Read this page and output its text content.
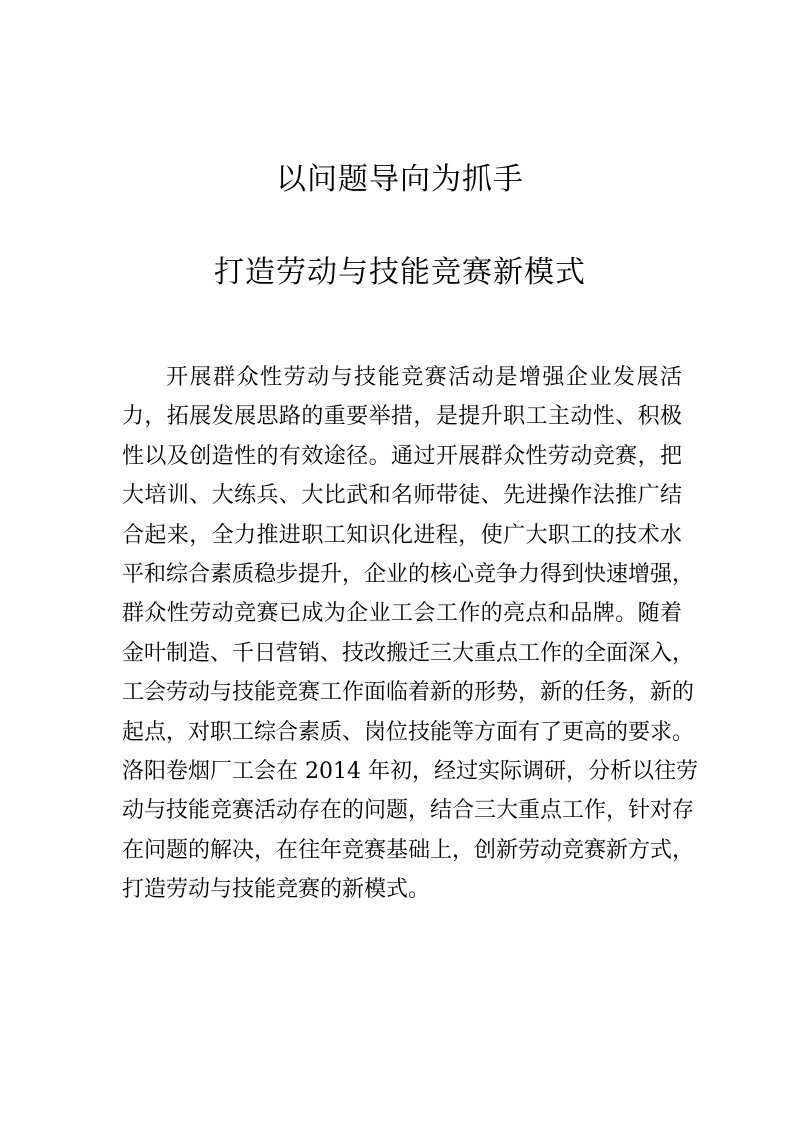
以问题导向为抓手
打造劳动与技能竞赛新模式
开展群众性劳动与技能竞赛活动是增强企业发展活
力，拓展发展思路的重要举措，是提升职工主动性、积极
性以及创造性的有效途径。通过开展群众性劳动竞赛，把
大培训、大练兵、大比武和名师带徒、先进操作法推广结
合起来，全力推进职工知识化进程，使广大职工的技术水
平和综合素质稳步提升，企业的核心竞争力得到快速增强，
群众性劳动竞赛已成为企业工会工作的亮点和品牌。随着
金叶制造、千日营销、技改搬迁三大重点工作的全面深入，
工会劳动与技能竞赛工作面临着新的形势，新的任务，新的
起点，对职工综合素质、岗位技能等方面有了更高的要求。
洛阳卷烟厂工会在 2014 年初，经过实际调研，分析以往劳
动与技能竞赛活动存在的问题，结合三大重点工作，针对存
在问题的解决，在往年竞赛基础上，创新劳动竞赛新方式，
打造劳动与技能竞赛的新模式。
